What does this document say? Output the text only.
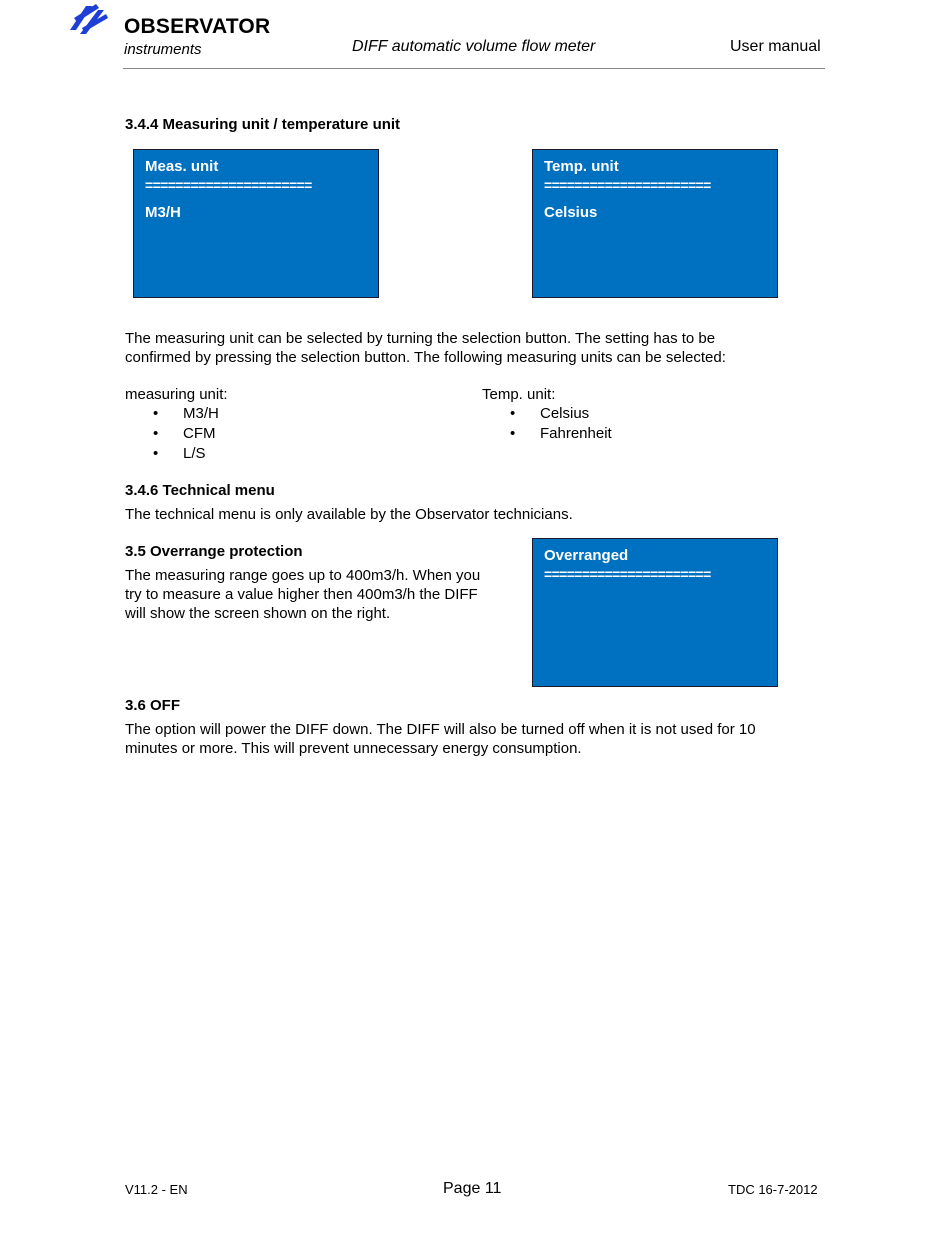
OBSERVATOR
instruments	DIFF automatic volume flow meter	User manual
3.4.4 Measuring unit / temperature unit
Meas. unit
======================
M3/H
Temp. unit
======================
Celsius
The measuring unit can be selected by turning the selection button. The setting has to be
confirmed by pressing the selection button. The following measuring units can be selected:
measuring unit:
• M3/H
• CFM
• L/S
Temp. unit:
• Celsius
• Fahrenheit
3.4.6 Technical menu
The technical menu is only available by the Observator technicians.
3.5 Overrange protection
The measuring range goes up to 400m3/h. When you
try to measure a value higher then 400m3/h the DIFF
will show the screen shown on the right.
Overranged
======================
3.6 OFF
The option will power the DIFF down. The DIFF will also be turned off when it is not used for 10
minutes or more. This will prevent unnecessary energy consumption.
V11.2 - EN	Page 11	TDC 16-7-2012
